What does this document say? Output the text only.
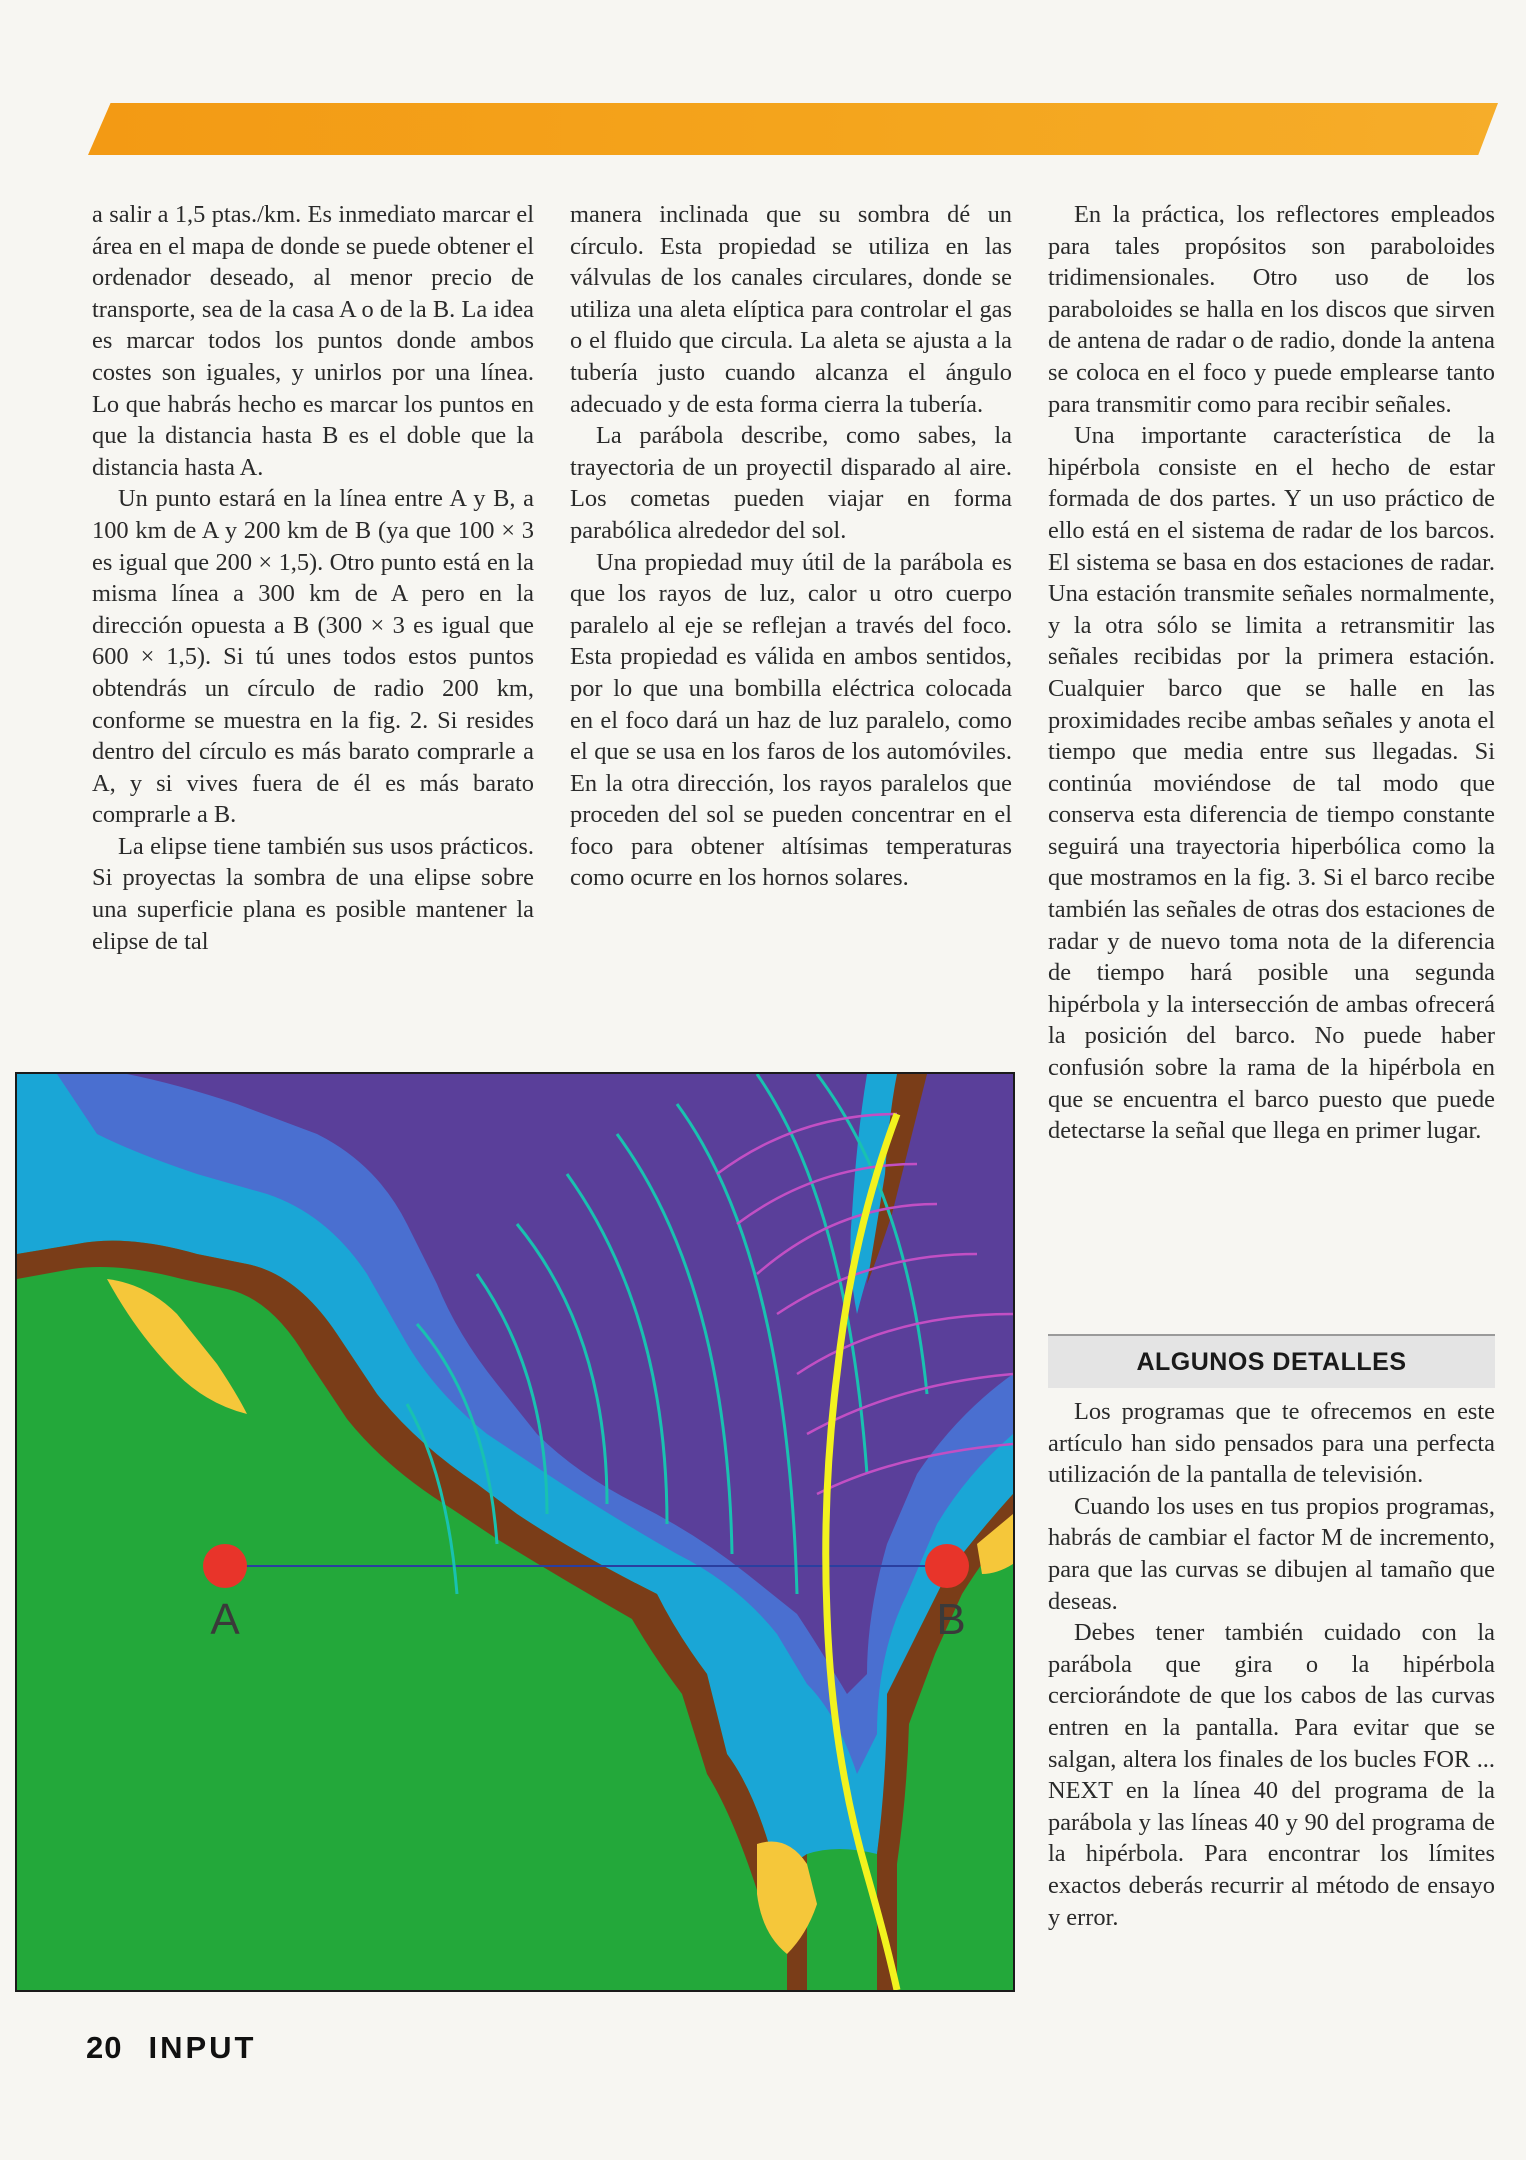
a salir a 1,5 ptas./km. Es inmediato marcar el área en el mapa de donde se puede obtener el ordenador deseado, al menor precio de transporte, sea de la casa A o de la B. La idea es marcar todos los puntos donde ambos costes son iguales, y unirlos por una línea. Lo que habrás hecho es marcar los puntos en que la distancia hasta B es el doble que la distancia hasta A.

Un punto estará en la línea entre A y B, a 100 km de A y 200 km de B (ya que 100 × 3 es igual que 200 × 1,5). Otro punto está en la misma línea a 300 km de A pero en la dirección opuesta a B (300 × 3 es igual que 600 × 1,5). Si tú unes todos estos puntos obtendrás un círculo de radio 200 km, conforme se muestra en la fig. 2. Si resides dentro del círculo es más barato comprarle a A, y si vives fuera de él es más barato comprarle a B.

La elipse tiene también sus usos prácticos. Si proyectas la sombra de una elipse sobre una superficie plana es posible mantener la elipse de tal

manera inclinada que su sombra dé un círculo. Esta propiedad se utiliza en las válvulas de los canales circulares, donde se utiliza una aleta elíptica para controlar el gas o el fluido que circula. La aleta se ajusta a la tubería justo cuando alcanza el ángulo adecuado y de esta forma cierra la tubería.

La parábola describe, como sabes, la trayectoria de un proyectil disparado al aire. Los cometas pueden viajar en forma parabólica alrededor del sol.

Una propiedad muy útil de la parábola es que los rayos de luz, calor u otro cuerpo paralelo al eje se reflejan a través del foco. Esta propiedad es válida en ambos sentidos, por lo que una bombilla eléctrica colocada en el foco dará un haz de luz paralelo, como el que se usa en los faros de los automóviles. En la otra dirección, los rayos paralelos que proceden del sol se pueden concentrar en el foco para obtener altísimas temperaturas como ocurre en los hornos solares.

En la práctica, los reflectores empleados para tales propósitos son paraboloides tridimensionales. Otro uso de los paraboloides se halla en los discos que sirven de antena de radar o de radio, donde la antena se coloca en el foco y puede emplearse tanto para transmitir como para recibir señales.

Una importante característica de la hipérbola consiste en el hecho de estar formada de dos partes. Y un uso práctico de ello está en el sistema de radar de los barcos. El sistema se basa en dos estaciones de radar. Una estación transmite señales normalmente, y la otra sólo se limita a retransmitir las señales recibidas por la primera estación. Cualquier barco que se halle en las proximidades recibe ambas señales y anota el tiempo que media entre sus llegadas. Si continúa moviéndose de tal modo que conserva esta diferencia de tiempo constante seguirá una trayectoria hiperbólica como la que mostramos en la fig. 3. Si el barco recibe también las señales de otras dos estaciones de radar y de nuevo toma nota de la diferencia de tiempo hará posible una segunda hipérbola y la intersección de ambas ofrecerá la posición del barco. No puede haber confusión sobre la rama de la hipérbola en que se encuentra el barco puesto que puede detectarse la señal que llega en primer lugar.

ALGUNOS DETALLES

Los programas que te ofrecemos en este artículo han sido pensados para una perfecta utilización de la pantalla de televisión.

Cuando los uses en tus propios programas, habrás de cambiar el factor M de incremento, para que las curvas se dibujen al tamaño que deseas.

Debes tener también cuidado con la parábola que gira o la hipérbola cerciorándote de que los cabos de las curvas entren en la pantalla. Para evitar que se salgan, altera los finales de los bucles FOR ... NEXT en la línea 40 del programa de la parábola y las líneas 40 y 90 del programa de la hipérbola. Para encontrar los límites exactos deberás recurrir al método de ensayo y error.

A	B
20 INPUT
